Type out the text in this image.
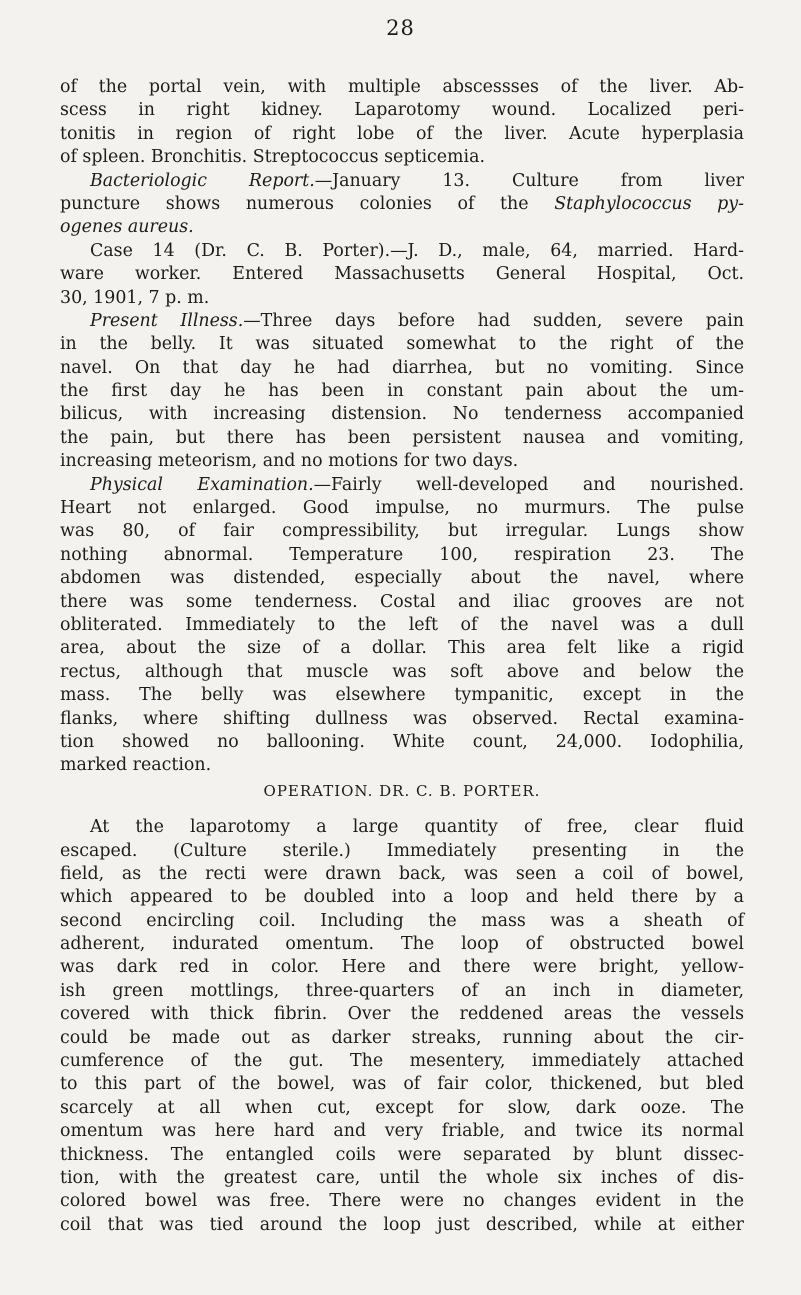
28
of the portal vein, with multiple abscessses of the liver. Ab-
scess in right kidney. Laparotomy wound. Localized peri-
tonitis in region of right lobe of the liver. Acute hyperplasia
of spleen. Bronchitis. Streptococcus septicemia.
Bacteriologic Report.—January 13. Culture from liver
puncture shows numerous colonies of the Staphylococcus py-
ogenes aureus.
Case 14 (Dr. C. B. Porter).—J. D., male, 64, married. Hard-
ware worker. Entered Massachusetts General Hospital, Oct.
30, 1901, 7 p. m.
Present Illness.—Three days before had sudden, severe pain
in the belly. It was situated somewhat to the right of the
navel. On that day he had diarrhea, but no vomiting. Since
the first day he has been in constant pain about the um-
bilicus, with increasing distension. No tenderness accompanied
the pain, but there has been persistent nausea and vomiting,
increasing meteorism, and no motions for two days.
Physical Examination.—Fairly well-developed and nourished.
Heart not enlarged. Good impulse, no murmurs. The pulse
was 80, of fair compressibility, but irregular. Lungs show
nothing abnormal. Temperature 100, respiration 23. The
abdomen was distended, especially about the navel, where
there was some tenderness. Costal and iliac grooves are not
obliterated. Immediately to the left of the navel was a dull
area, about the size of a dollar. This area felt like a rigid
rectus, although that muscle was soft above and below the
mass. The belly was elsewhere tympanitic, except in the
flanks, where shifting dullness was observed. Rectal examina-
tion showed no ballooning. White count, 24,000. Iodophilia,
marked reaction.
OPERATION. DR. C. B. PORTER.
At the laparotomy a large quantity of free, clear fluid
escaped. (Culture sterile.) Immediately presenting in the
field, as the recti were drawn back, was seen a coil of bowel,
which appeared to be doubled into a loop and held there by a
second encircling coil. Including the mass was a sheath of
adherent, indurated omentum. The loop of obstructed bowel
was dark red in color. Here and there were bright, yellow-
ish green mottlings, three-quarters of an inch in diameter,
covered with thick fibrin. Over the reddened areas the vessels
could be made out as darker streaks, running about the cir-
cumference of the gut. The mesentery, immediately attached
to this part of the bowel, was of fair color, thickened, but bled
scarcely at all when cut, except for slow, dark ooze. The
omentum was here hard and very friable, and twice its normal
thickness. The entangled coils were separated by blunt dissec-
tion, with the greatest care, until the whole six inches of dis-
colored bowel was free. There were no changes evident in the
coil that was tied around the loop just described, while at either
